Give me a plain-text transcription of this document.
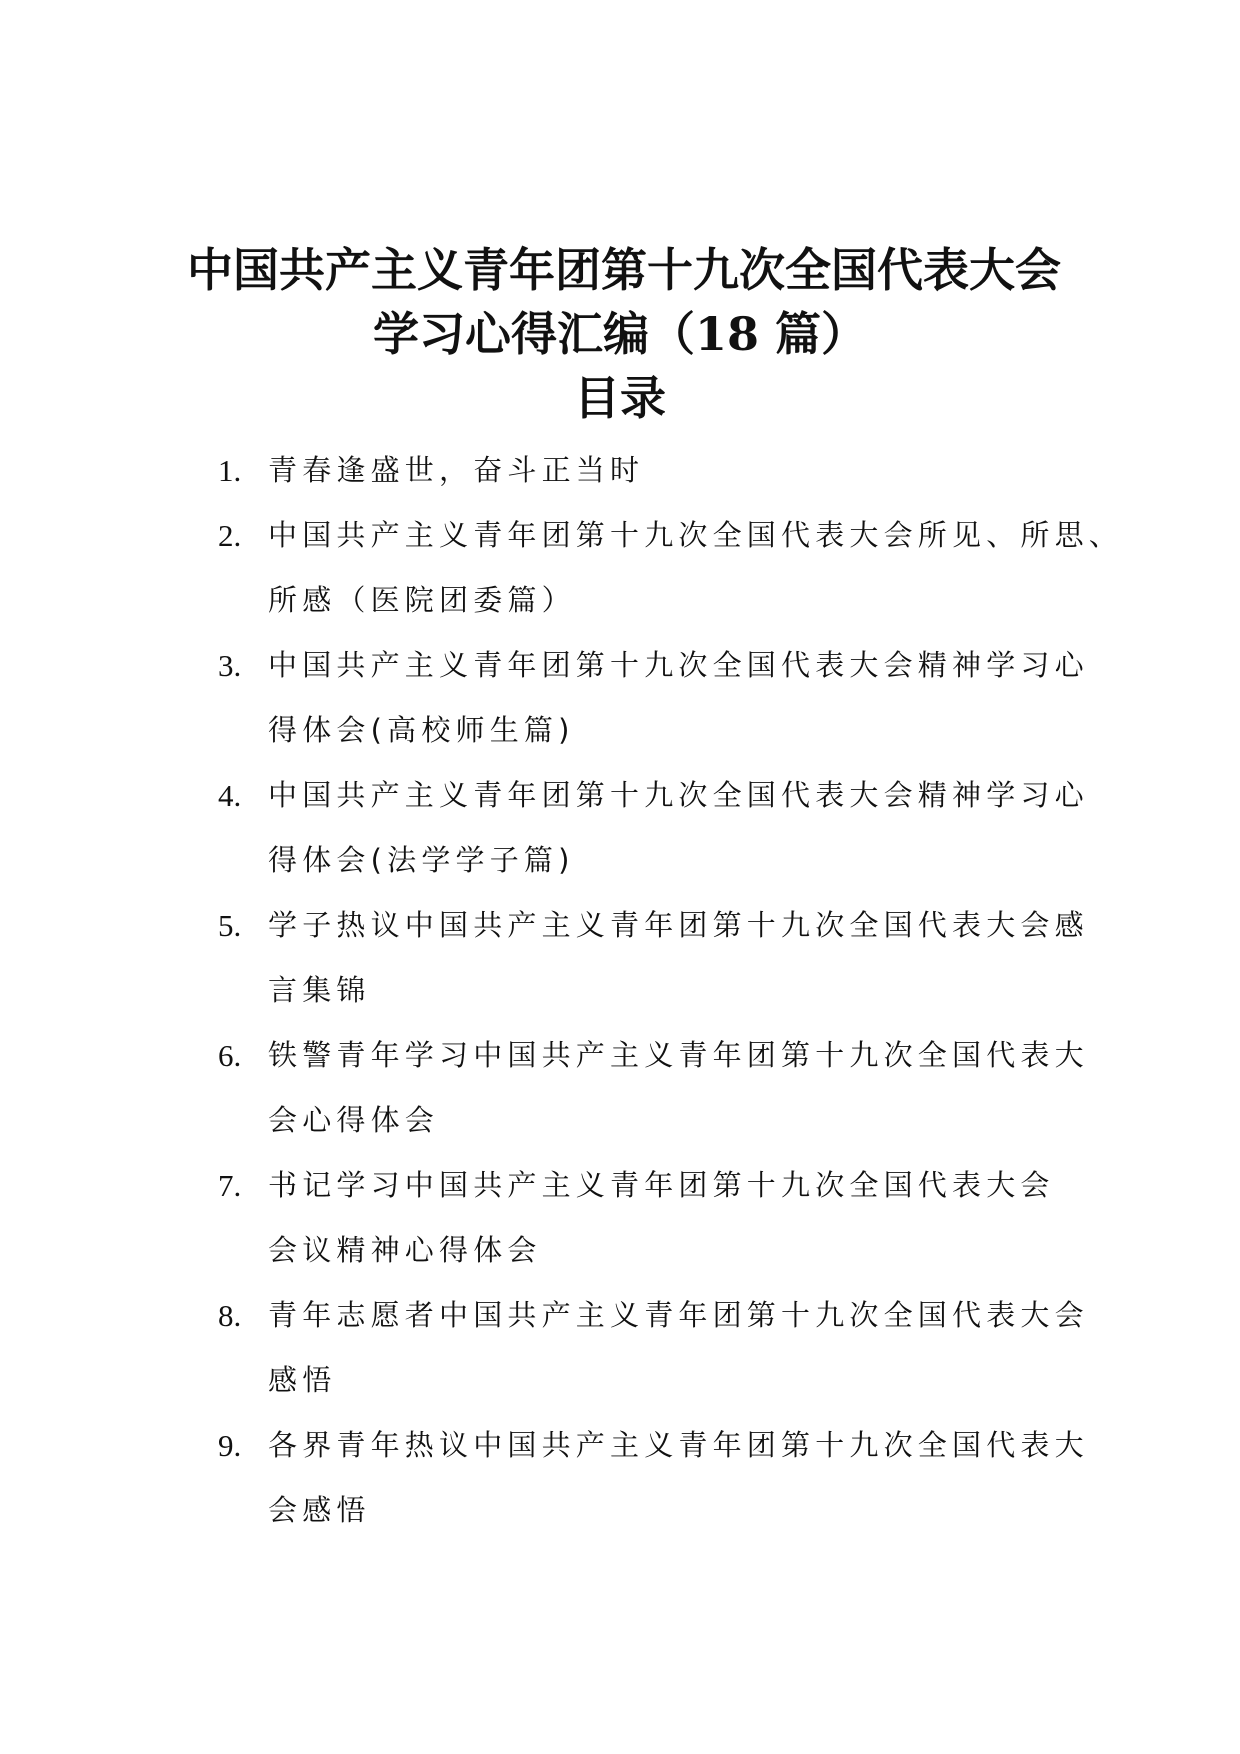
中国共产主义青年团第十九次全国代表大会
学习心得汇编（18 篇）
目录
1. 青春逢盛世，奋斗正当时
2. 中国共产主义青年团第十九次全国代表大会所见、所思、
所感（医院团委篇）
3. 中国共产主义青年团第十九次全国代表大会精神学习心
得体会(高校师生篇)
4. 中国共产主义青年团第十九次全国代表大会精神学习心
得体会(法学学子篇)
5. 学子热议中国共产主义青年团第十九次全国代表大会感
言集锦
6. 铁警青年学习中国共产主义青年团第十九次全国代表大
会心得体会
7. 书记学习中国共产主义青年团第十九次全国代表大会
会议精神心得体会
8. 青年志愿者中国共产主义青年团第十九次全国代表大会
感悟
9. 各界青年热议中国共产主义青年团第十九次全国代表大
会感悟
